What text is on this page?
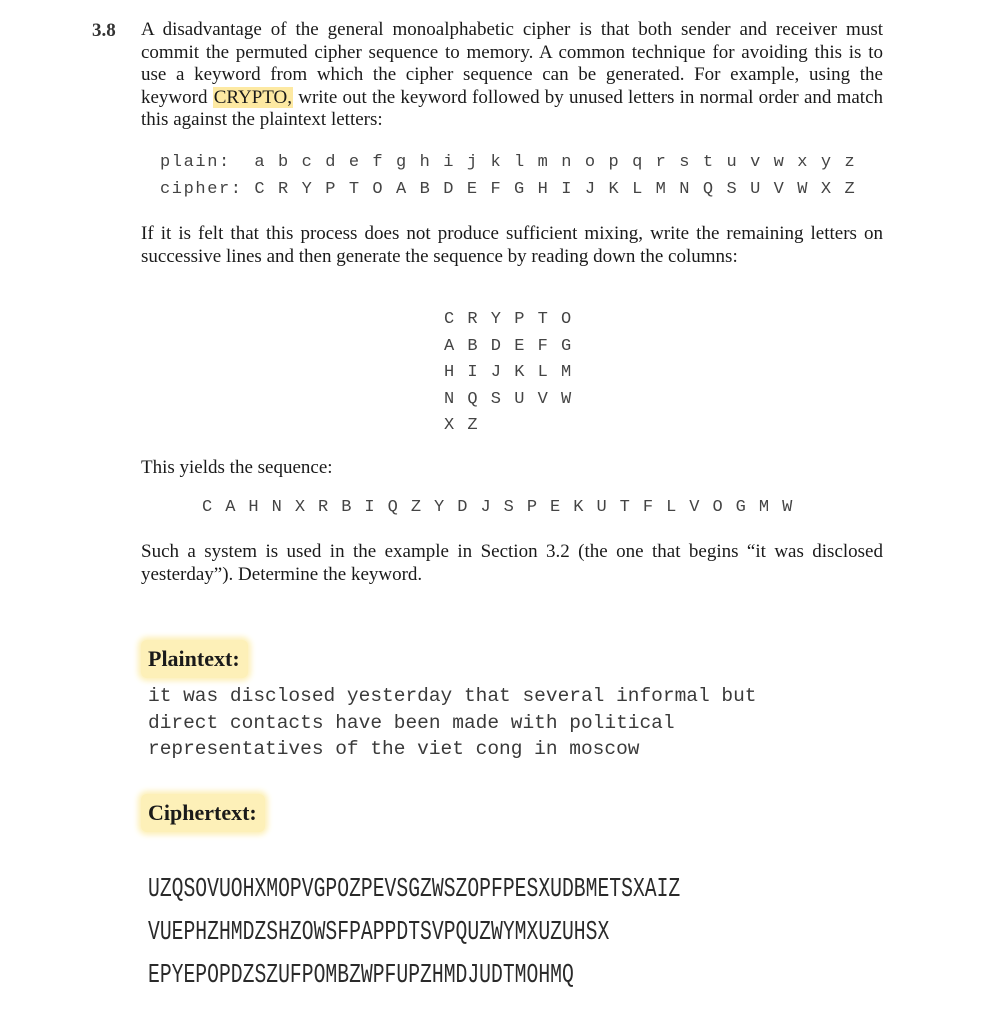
3.8 A disadvantage of the general monoalphabetic cipher is that both sender and receiver must commit the permuted cipher sequence to memory. A common technique for avoiding this is to use a keyword from which the cipher sequence can be generated. For example, using the keyword CRYPTO, write out the keyword followed by unused letters in normal order and match this against the plaintext letters:
plain:  a b c d e f g h i j k l m n o p q r s t u v w x y z
cipher: C R Y P T O A B D E F G H I J K L M N Q S U V W X Z
If it is felt that this process does not produce sufficient mixing, write the remaining letters on successive lines and then generate the sequence by reading down the columns:
C R Y P T O
A B D E F G
H I J K L M
N Q S U V W
X Z
This yields the sequence:
C A H N X R B I Q Z Y D J S P E K U T F L V O G M W
Such a system is used in the example in Section 3.2 (the one that begins “it was disclosed yesterday”). Determine the keyword.
Plaintext:
it was disclosed yesterday that several informal but
direct contacts have been made with political
representatives of the viet cong in moscow
Ciphertext:
UZQSOVUOHXMOPVGPOZPEVSGZWSZOPFPESXUDBMETSXAIZ
VUEPHZHMDZSHZOWSFPAPPDTSVPQUZWYMXUZUHSX
EPYEPOPDZSZUFPOMBZWPFUPZHMDJUDTMOHMQ
